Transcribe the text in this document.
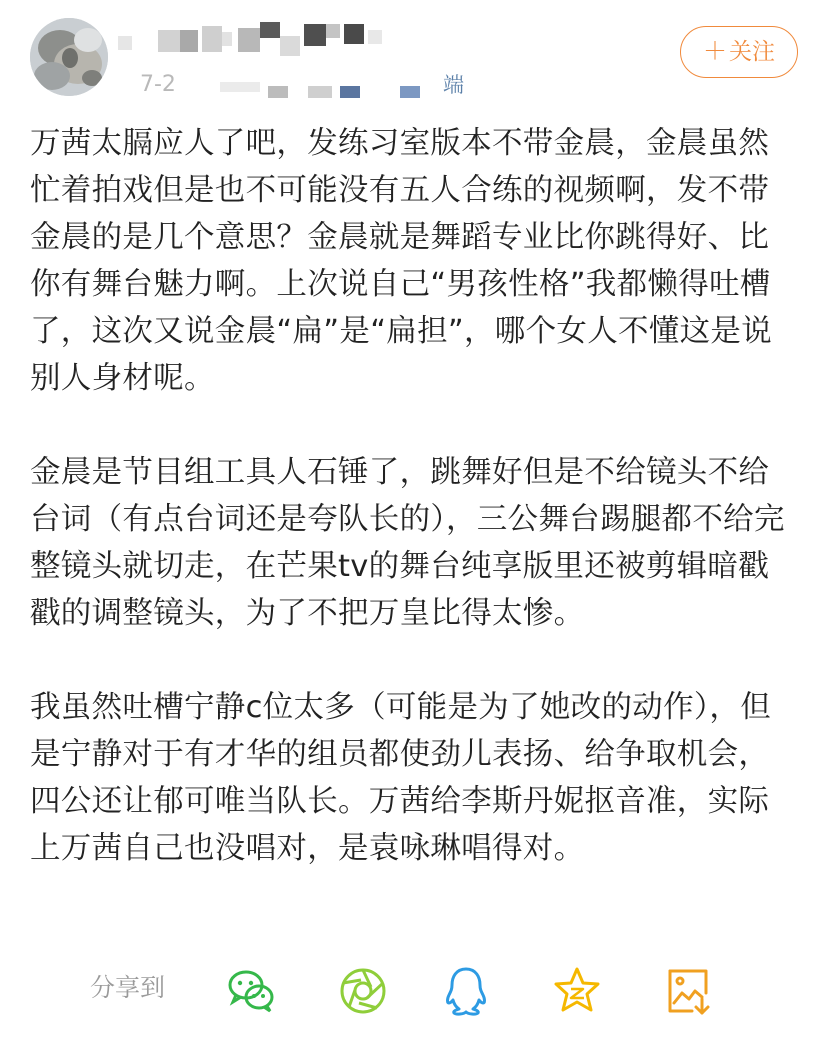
7-2	端
＋关注

万茜太膈应人了吧，发练习室版本不带金晨，金晨虽然忙着拍戏但是也不可能没有五人合练的视频啊，发不带金晨的是几个意思？金晨就是舞蹈专业比你跳得好、比你有舞台魅力啊。上次说自己“男孩性格”我都懒得吐槽了，这次又说金晨“扁”是“扁担”，哪个女人不懂这是说别人身材呢。

金晨是节目组工具人石锤了，跳舞好但是不给镜头不给台词（有点台词还是夸队长的），三公舞台踢腿都不给完整镜头就切走，在芒果tv的舞台纯享版里还被剪辑暗戳戳的调整镜头，为了不把万皇比得太惨。

我虽然吐槽宁静c位太多（可能是为了她改的动作），但是宁静对于有才华的组员都使劲儿表扬、给争取机会，四公还让郁可唯当队长。万茜给李斯丹妮抠音准，实际上万茜自己也没唱对，是袁咏琳唱得对。

分享到
